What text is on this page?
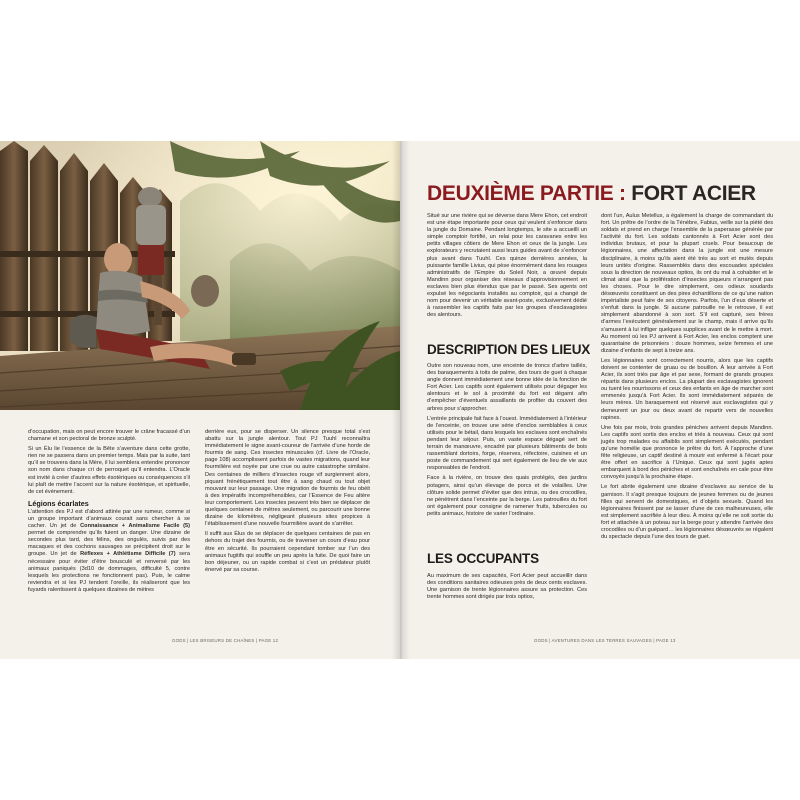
d’occupation, mais on peut encore trouver le crâne fracassé d’un chamane et son pectoral de bronze sculpté.

Si un Élu lie l’essence de la Bête s’aventure dans cette grotte, rien ne se passera dans un premier temps. Mais par la suite, tant qu’il se trouvera dans la Mère, il lui semblera entendre prononcer son nom dans chaque cri de perroquet qu’il entendra. L’Oracle est invité à créer d’autres effets ésotériques ou conséquences s’il lui plaît de mettre l’accent sur la nature ésotérique, et spirituelle, de cet événement.

Légions écarlates

L’attention des PJ est d’abord attirée par une rumeur, comme si un groupe important d’animaux courait sans chercher à se cacher. Un jet de Connaissance + Animalisme Facile (5) permet de comprendre qu’ils fuient un danger. Une dizaine de secondes plus tard, des félins, des ongulés, suivis par des macaques et des cochons sauvages se précipitent droit sur le groupe. Un jet de Réflexes + Athlétisme Difficile (7) sera nécessaire pour éviter d’être bousculé et renversé par les animaux paniqués (3d10 de dommages, difficulté 5, contre lesquels les protections ne fonctionnent pas). Puis, le calme reviendra et si les PJ tendent l’oreille, ils réaliseront que les fuyards ralentissent à quelques dizaines de mètres

derrière eux, pour se disperser. Un silence presque total s’est abattu sur la jungle alentour. Tout PJ Tuuhl reconnaîtra immédiatement le signe avant-coureur de l’arrivée d’une horde de fourmis de sang. Ces insectes minuscules (cf. Livre de l’Oracle, page 108) accomplissent parfois de vastes migrations, quand leur fourmilière est noyée par une crue ou autre catastrophe similaire. Des centaines de milliers d’insectes rouge vif surgiennent alors, piquant frénétiquement tout être à sang chaud ou tout objet mouvant sur leur passage. Une migration de fourmis de feu obéit à des impératifs incompréhensibles, car l’Essence de Feu altère leur comportement. Les insectes peuvent très bien se déplacer de quelques centaines de mètres seulement, ou parcourir une bonne dizaine de kilomètres, négligeant plusieurs sites propices à l’établissement d’une nouvelle fourmilière avant de s’arrêter.

Il suffit aux Élus de se déplacer de quelques centaines de pas en dehors du trajet des fourmis, ou de traverser un cours d’eau pour être en sécurité. Ils pourraient cependant tomber sur l’un des animaux fugitifs qui souffle un peu après la fuite. De quoi faire un bon déjeuner, ou un rapide combat si c’est un prédateur plutôt énervé par sa course.

GODS | LES BRISEURS DE CHAÎNES | PAGE 12
DEUXIÈME PARTIE : FORT ACIER

Situé sur une rivière qui se déverse dans Mere Ehon, cet endroit est une étape importante pour ceux qui veulent s’enfoncer dans la jungle du Domaine. Pendant longtemps, le site a accueilli un simple comptoir fortifié, un relai pour les caravanes entre les petits villages côtiers de Mere Ehon et ceux de la jungle. Les explorateurs y recrutaient aussi leurs guides avant de s’enfoncer plus avant dans Tuuhl. Ces quinze dernières années, la puissante famille Livius, qui pèse énormément dans les rouages administratifs de l’Empire du Soleil Noir, a œuvré depuis Mandinn pour organiser des réseaux d’approvisionnement en esclaves bien plus étendus que par le passé. Ses agents ont expulsé les négociants installés au comptoir, qui a changé de nom pour devenir un véritable avant-poste, exclusivement dédié à rassembler les captifs faits par les groupes d’esclavagistes des alentours.

DESCRIPTION DES LIEUX

Outre son nouveau nom, une enceinte de troncs d’arbre taillés, des baraquements à toits de palme, des tours de guet à chaque angle donnent immédiatement une bonne idée de la fonction de Fort Acier. Les captifs sont également utilisés pour dégager les alentours et le sol à proximité du fort est dégarni afin d’empêcher d’éventuels assaillants de profiter du couvert des arbres pour s’approcher.

L’entrée principale fait face à l’ouest. Immédiatement à l’intérieur de l’enceinte, on trouve une série d’enclos semblables à ceux utilisés pour le bétail, dans lesquels les esclaves sont enchaînés pendant leur séjour. Puis, un vaste espace dégagé sert de terrain de manœuvre, encadré par plusieurs bâtiments de bois rassemblant dortoirs, forge, réserves, réfectoire, cuisines et un poste de commandement qui sert également de lieu de vie aux responsables de l’endroit.

Face à la rivière, on trouve des quais protégés, des jardins potagers, ainsi qu’un élevage de porcs et de volailles. Une clôture solide permet d’éviter que des intrus, ou des crocodiles, ne pénètrent dans l’enceinte par la berge. Les patrouilles du fort ont également pour consigne de ramener fruits, tubercules ou petits animaux, histoire de varier l’ordinaire.

LES OCCUPANTS

Au maximum de ses capacités, Fort Acier peut accueillir dans des conditions sanitaires odieuses près de deux cents esclaves. Une garnison de trente légionnaires assure sa protection. Ces trente hommes sont dirigés par trois optios,

dont l’un, Aulus Metellus, a également la charge de commandant du fort. Un prêtre de l’ordre de la Ténèbre, Fabius, veille sur la piété des soldats et prend en charge l’ensemble de la paperasse générée par l’activité du fort. Les soldats cantonnés à Fort Acier sont des individus brutaux, et pour la plupart cruels. Pour beaucoup de légionnaires, une affectation dans la jungle est une mesure disciplinaire, à moins qu’ils aient été très au sort et mutés depuis leurs unités d’origine. Rassemblés dans des escouades spéciales sous la direction de nouveaux optios, ils ont du mal à cohabiter et le climat ainsi que la prolifération d’insectes piqueurs n’arrangent pas les choses. Pour le dire simplement, ces odieux soudards désœuvrés constituent un des pires échantillons de ce qu’une nation impérialiste peut faire de ses citoyens. Parfois, l’un d’eux déserte et s’enfuit dans la jungle. Si aucune patrouille ne le retrouve, il est simplement abandonné à son sort. S’il est capturé, ses frères d’armes l’exécutent généralement sur le champ, mais il arrive qu’ils s’amusent à lui infliger quelques supplices avant de le mettre à mort. Au moment où les PJ arrivent à Fort Acier, les enclos comptent une quarantaine de prisonniers : douze hommes, seize femmes et une dizaine d’enfants de sept à treize ans.

Les légionnaires sont correctement nourris, alors que les captifs doivent se contenter de gruau ou de bouillon. À leur arrivée à Fort Acier, ils sont triés par âge et par sexe, formant de grands groupes répartis dans plusieurs enclos. La plupart des esclavagistes ignorent ou tuent les nourrissons et ceux des enfants en âge de marcher sont emmenés jusqu’à Fort Acier. Ils sont immédiatement séparés de leurs mères. Un baraquement est réservé aux esclavagistes qui y demeurent un jour ou deux avant de repartir vers de nouvelles rapines.

Une fois par mois, trois grandes péniches arrivent depuis Mandinn. Les captifs sont sortis des enclos et triés à nouveau. Ceux qui sont jugés trop malades ou affaiblis sont simplement exécutés, pendant qu’une homélie que prononce le prêtre du fort. À l’approche d’une fête religieuse, un captif destiné à mourir est enfermé à l’écart pour être offert en sacrifice à l’Unique. Ceux qui sont jugés aptes embarquent à bord des péniches et sont enchaînés en cale pour être convoyés jusqu’à la prochaine étape.

Le fort abrite également une dizaine d’esclaves au service de la garnison. Il s’agit presque toujours de jeunes femmes ou de jeunes filles qui servent de domestiques, et d’objets sexuels. Quand les légionnaires finissent par se lasser d’une de ces malheureuses, elle est simplement sacrifiée à leur dieu. À moins qu’elle ne soit sortie du fort et attachée à un poteau sur la berge pour y attendre l’arrivée des crocodiles ou d’un guépard… les légionnaires désœuvrés se régalent du spectacle depuis l’une des tours de guet.

GODS | AVENTURES DANS LES TERRES SAUVAGES | PAGE 13
